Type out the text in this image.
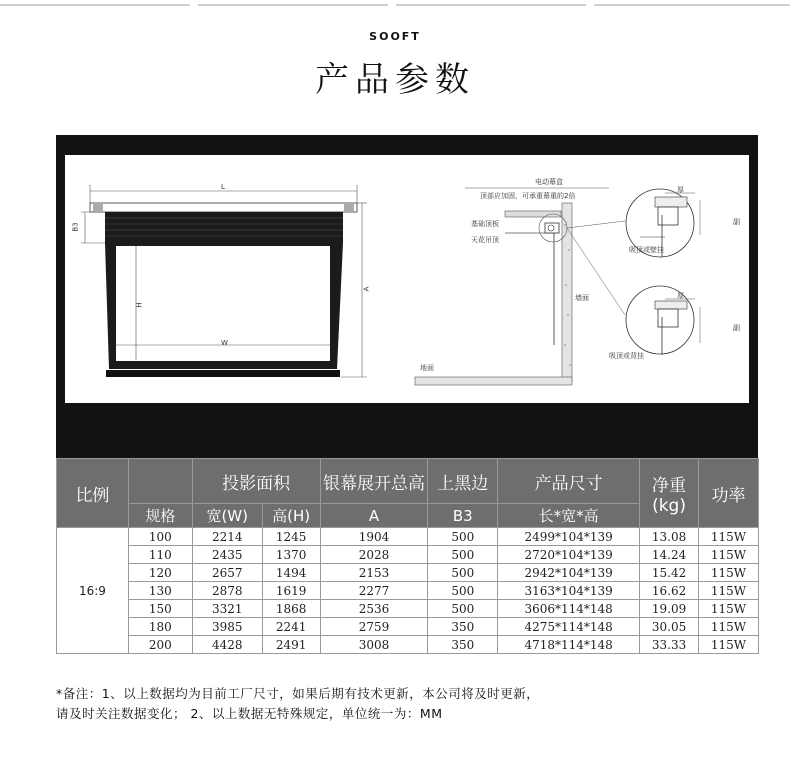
SOOFT
产品参数
L
B3
A
H
W
电动幕盒
顶部应加固，可承重幕重的2倍
基础顶板
天花吊顶
墙面
地面
厚
厚
副
副
吸顶或壁挂
吸顶或背挂
比例		投影面积		银幕展开总高	上黑边	产品尺寸	净重(kg)	功率
	规格	宽(W)	高(H)	A	B3	长*宽*高		
16:9	100	2214	1245	1904	500	2499*104*139	13.08	115W
	110	2435	1370	2028	500	2720*104*139	14.24	115W
	120	2657	1494	2153	500	2942*104*139	15.42	115W
	130	2878	1619	2277	500	3163*104*139	16.62	115W
	150	3321	1868	2536	500	3606*114*148	19.09	115W
	180	3985	2241	2759	350	4275*114*148	30.05	115W
	200	4428	2491	3008	350	4718*114*148	33.33	115W

*备注：1、以上数据均为目前工厂尺寸，如果后期有技术更新，本公司将及时更新，

请及时关注数据变化； 2、以上数据无特殊规定，单位统一为：MM
